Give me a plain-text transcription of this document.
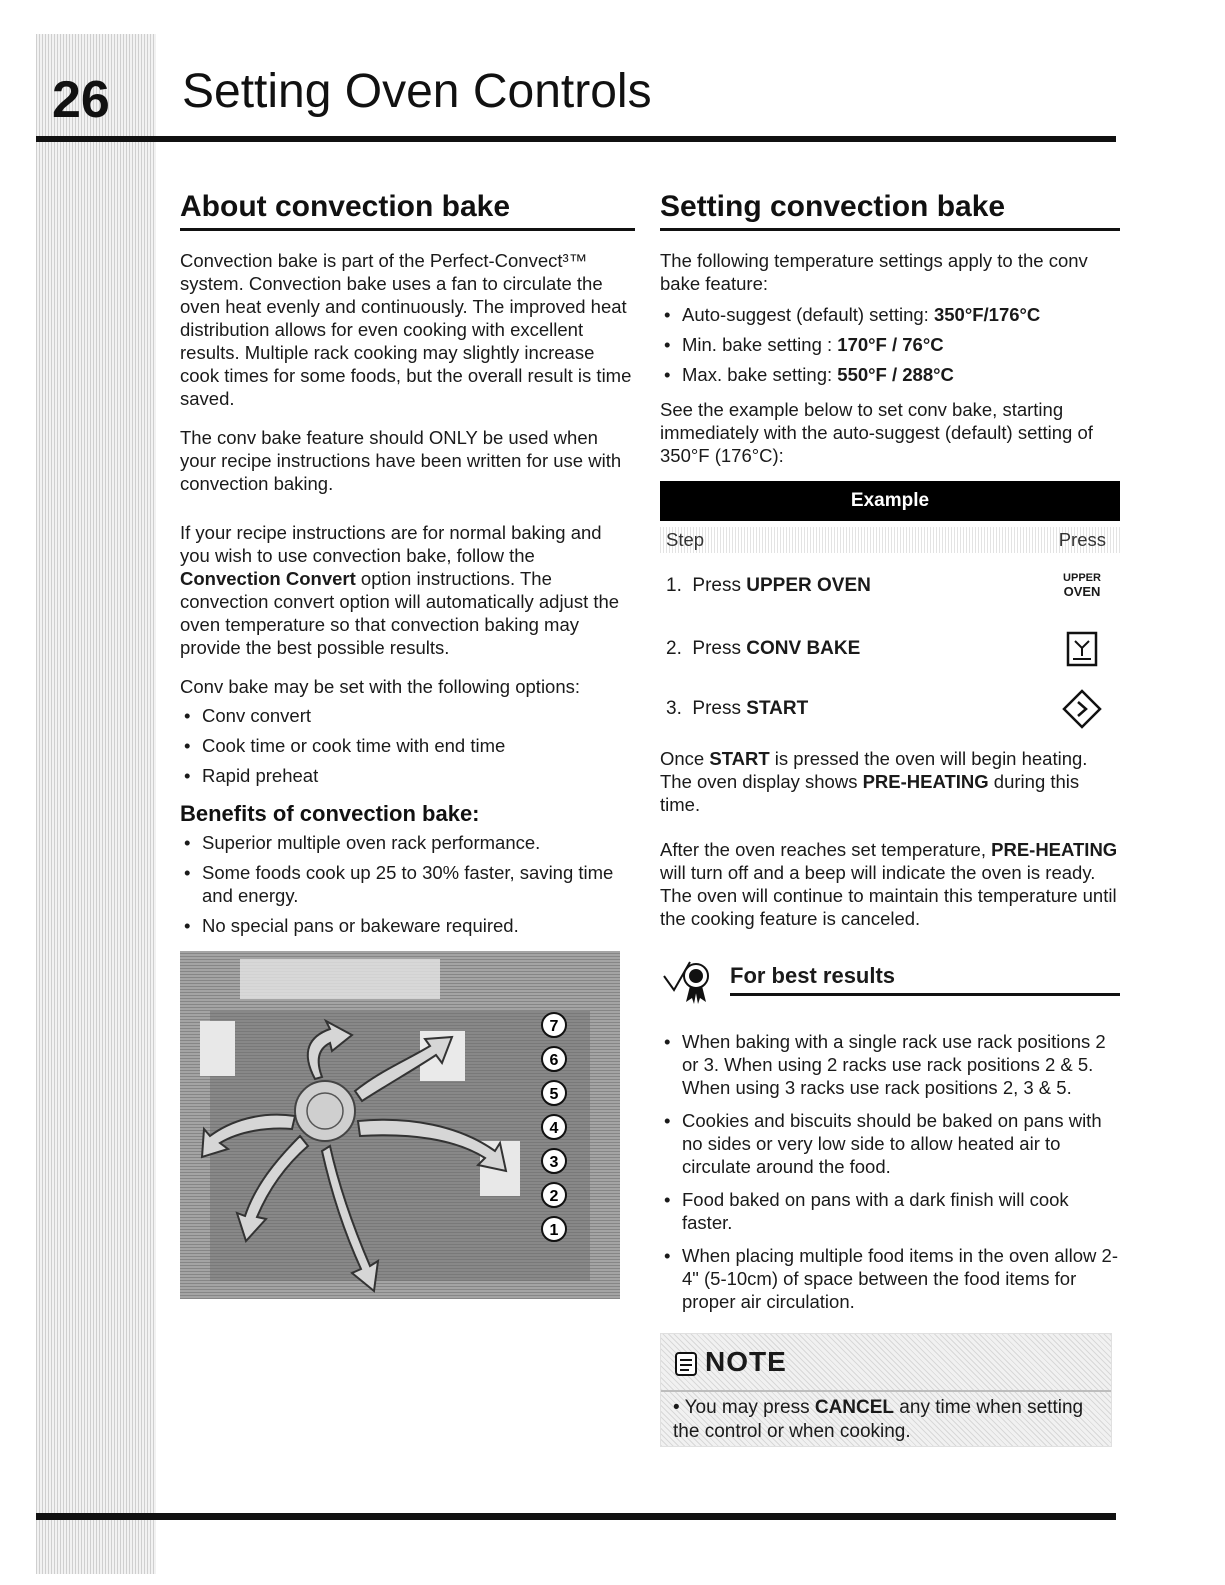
26 Setting Oven Controls
About convection bake

Convection bake is part of the Perfect-Convect³™ system. Convection bake uses a fan to circulate the oven heat evenly and continuously. The improved heat distribution allows for even cooking with excellent results. Multiple rack cooking may slightly increase cook times for some foods, but the overall result is time saved.

The conv bake feature should ONLY be used when your recipe instructions have been written for use with convection baking.

If your recipe instructions are for normal baking and you wish to use convection bake, follow the Convection Convert option instructions. The convection convert option will automatically adjust the oven temperature so that convection baking may provide the best possible results.

Conv bake may be set with the following options:

• Conv convert
• Cook time or cook time with end time
• Rapid preheat
Benefits of convection bake:
• Superior multiple oven rack performance.
• Some foods cook up 25 to 30% faster, saving time and energy.
• No special pans or bakeware required.
7
6
5
4
3
2
1
Setting convection bake

The following temperature settings apply to the conv bake feature:

• Auto-suggest (default) setting: 350°F/176°C
• Min. bake setting : 170°F / 76°C
• Max. bake setting: 550°F / 288°C

See the example below to set conv bake, starting immediately with the auto-suggest (default) setting of 350°F (176°C):

Example
Step	Press
1. Press UPPER OVEN	UPPER
OVEN
2. Press CONV BAKE
3. Press START

Once START is pressed the oven will begin heating. The oven display shows PRE-HEATING during this time.

After the oven reaches set temperature, PRE-HEATING will turn off and a beep will indicate the oven is ready. The oven will continue to maintain this temperature until the cooking feature is canceled.

For best results
• When baking with a single rack use rack positions 2 or 3. When using 2 racks use rack positions 2 & 5. When using 3 racks use rack positions 2, 3 & 5.
• Cookies and biscuits should be baked on pans with no sides or very low side to allow heated air to circulate around the food.
• Food baked on pans with a dark finish will cook faster.
• When placing multiple food items in the oven allow 2-4" (5-10cm) of space between the food items for proper air circulation.
NOTE
• You may press CANCEL any time when setting the control or when cooking.
